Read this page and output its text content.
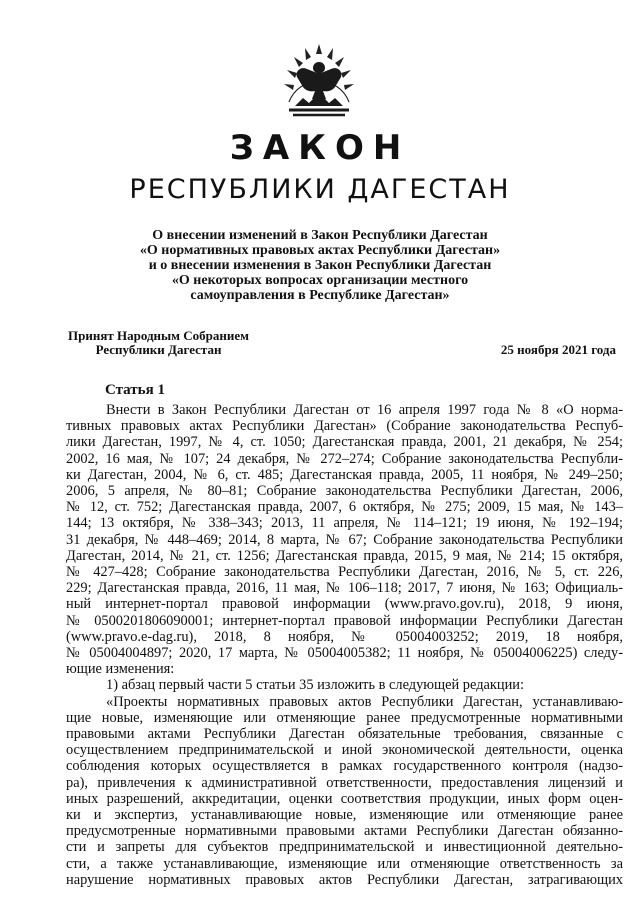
ЗАКОН
РЕСПУБЛИКИ ДАГЕСТАН
О внесении изменений в Закон Республики Дагестан
«О нормативных правовых актах Республики Дагестан»
и о внесении изменения в Закон Республики Дагестан
«О некоторых вопросах организации местного
самоуправления в Республике Дагестан»
Принят Народным Собранием
Республики Дагестан	25 ноября 2021 года
Статья 1
Внести в Закон Республики Дагестан от 16 апреля 1997 года № 8 «О норма-
тивных правовых актах Республики Дагестан» (Собрание законодательства Респуб-
лики Дагестан, 1997, № 4, ст. 1050; Дагестанская правда, 2001, 21 декабря, № 254;
2002, 16 мая, № 107; 24 декабря, № 272–274; Собрание законодательства Республи-
ки Дагестан, 2004, № 6, ст. 485; Дагестанская правда, 2005, 11 ноября, № 249–250;
2006, 5 апреля, № 80–81; Собрание законодательства Республики Дагестан, 2006,
№ 12, ст. 752; Дагестанская правда, 2007, 6 октября, № 275; 2009, 15 мая, № 143–
144; 13 октября, № 338–343; 2013, 11 апреля, № 114–121; 19 июня, № 192–194;
31 декабря, № 448–469; 2014, 8 марта, № 67; Собрание законодательства Республики
Дагестан, 2014, № 21, ст. 1256; Дагестанская правда, 2015, 9 мая, № 214; 15 октября,
№ 427–428; Собрание законодательства Республики Дагестан, 2016, № 5, ст. 226,
229; Дагестанская правда, 2016, 11 мая, № 106–118; 2017, 7 июня, № 163; Официаль-
ный интернет-портал правовой информации (www.pravo.gov.ru), 2018, 9 июня,
№ 0500201806090001; интернет-портал правовой информации Республики Дагестан
(www.pravo.e-dag.ru), 2018, 8 ноября, № 05004003252; 2019, 18 ноября,
№ 05004004897; 2020, 17 марта, № 05004005382; 11 ноября, № 05004006225) следу-
ющие изменения:
1) абзац первый части 5 статьи 35 изложить в следующей редакции:
«Проекты нормативных правовых актов Республики Дагестан, устанавливаю-
щие новые, изменяющие или отменяющие ранее предусмотренные нормативными
правовыми актами Республики Дагестан обязательные требования, связанные с
осуществлением предпринимательской и иной экономической деятельности, оценка
соблюдения которых осуществляется в рамках государственного контроля (надзо-
ра), привлечения к административной ответственности, предоставления лицензий и
иных разрешений, аккредитации, оценки соответствия продукции, иных форм оцен-
ки и экспертиз, устанавливающие новые, изменяющие или отменяющие ранее
предусмотренные нормативными правовыми актами Республики Дагестан обязанно-
сти и запреты для субъектов предпринимательской и инвестиционной деятельно-
сти, а также устанавливающие, изменяющие или отменяющие ответственность за
нарушение нормативных правовых актов Республики Дагестан, затрагивающих
